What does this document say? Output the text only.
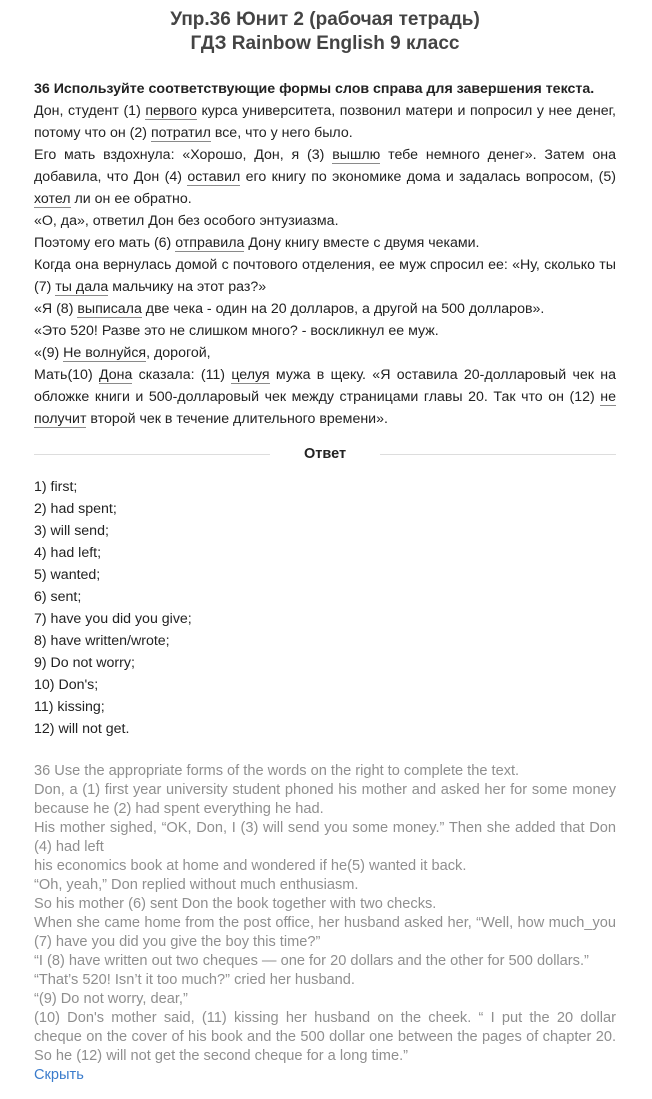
Упр.36 Юнит 2 (рабочая тетрадь)
ГДЗ Rainbow English 9 класс

36 Используйте соответствующие формы слов справа для завершения текста.

Дон, студент (1) первого курса университета, позвонил матери и попросил у нее денег, потому что он (2) потратил все, что у него было.

Его мать вздохнула: «Хорошо, Дон, я (3) вышлю тебе немного денег». Затем она добавила, что Дон (4) оставил его книгу по экономике дома и задалась вопросом, (5) хотел ли он ее обратно.

«О, да», ответил Дон без особого энтузиазма.

Поэтому его мать (6) отправила Дону книгу вместе с двумя чеками.

Когда она вернулась домой с почтового отделения, ее муж спросил ее: «Ну, сколько ты (7) ты дала мальчику на этот раз?»

«Я (8) выписала две чека - один на 20 долларов, а другой на 500 долларов».

«Это 520! Разве это не слишком много? - воскликнул ее муж.

«(9) Не волнуйся, дорогой,

Мать(10) Дона сказала: (11) целуя мужа в щеку. «Я оставила 20-долларовый чек на обложке книги и 500-долларовый чек между страницами главы 20. Так что он (12) не получит второй чек в течение длительного времени».

Ответ
1) first;
2) had spent;
3) will send;
4) had left;
5) wanted;
6) sent;
7) have you did you give;
8) have written/wrote;
9) Do not worry;
10) Don's;
11) kissing;
12) will not get.

36 Use the appropriate forms of the words on the right to complete the text.

Don, a (1) first year university student phoned his mother and asked her for some money because he (2) had spent everything he had.

His mother sighed, “OK, Don, I (3) will send you some money.” Then she added that Don (4) had left

his economics book at home and wondered if he(5) wanted it back.

“Oh, yeah,” Don replied without much enthusiasm.

So his mother (6) sent Don the book together with two checks.

When she came home from the post office, her husband asked her, “Well, how much_you (7) have you did you give the boy this time?”

“I (8) have written out two cheques — one for 20 dollars and the other for 500 dollars.”

“That’s 520! Isn’t it too much?” cried her husband.

“(9) Do not worry, dear,”

(10) Don's mother said, (11) kissing her husband on the cheek. “ I put the 20 dollar cheque on the cover of his book and the 500 dollar one between the pages of chapter 20. So he (12) will not get the second cheque for a long time.”

Скрыть
